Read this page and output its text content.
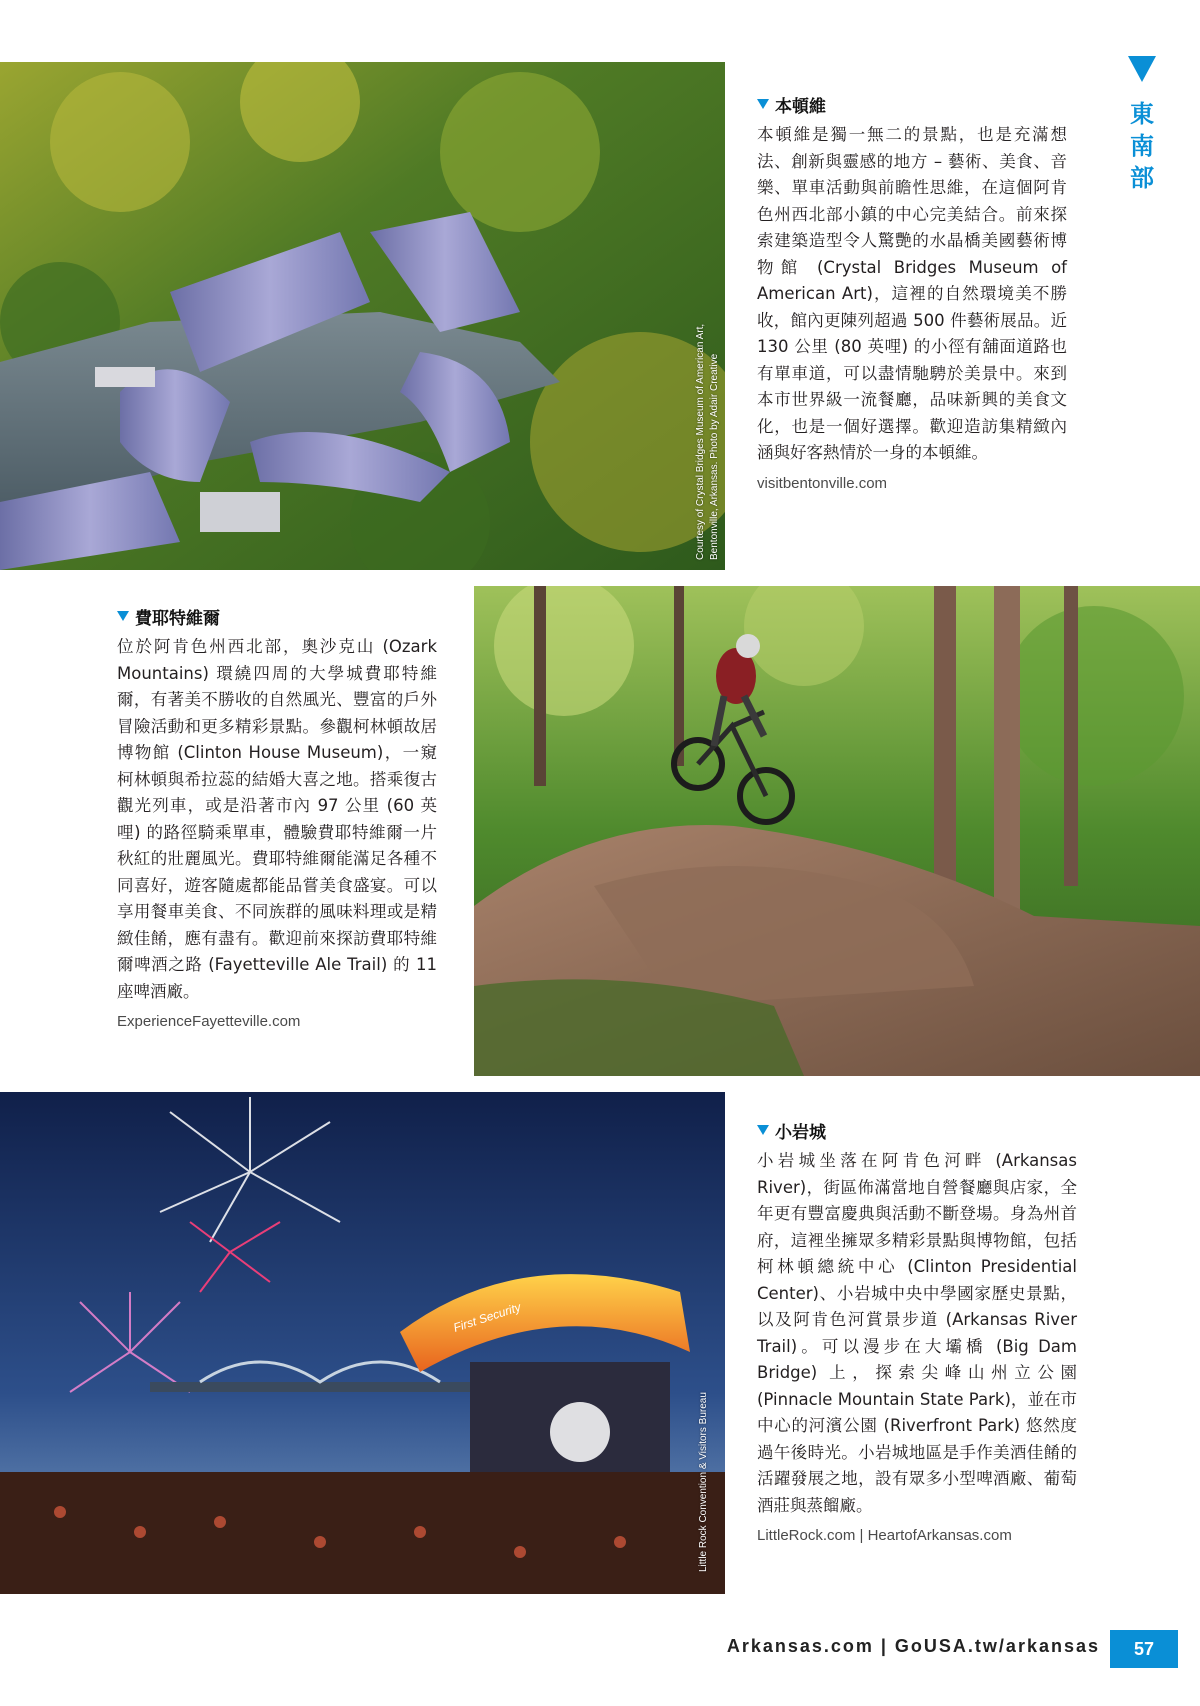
東南部
Courtesy of Crystal Bridges Museum of American Art,
Bentonville, Arkansas. Photo by Adair Creative
本頓維

本頓維是獨一無二的景點，也是充滿想法、創新與靈感的地方 – 藝術、美食、音樂、單車活動與前瞻性思維，在這個阿肯色州西北部小鎮的中心完美結合。前來探索建築造型令人驚艷的水晶橋美國藝術博物館 (Crystal Bridges Museum of American Art)，這裡的自然環境美不勝收，館內更陳列超過 500 件藝術展品。近 130 公里 (80 英哩) 的小徑有舖面道路也有單車道，可以盡情馳騁於美景中。來到本市世界級一流餐廳，品味新興的美食文化，也是一個好選擇。歡迎造訪集精緻內涵與好客熱情於一身的本頓維。

visitbentonville.com
費耶特維爾

位於阿肯色州西北部，奧沙克山 (Ozark Mountains) 環繞四周的大學城費耶特維爾，有著美不勝收的自然風光、豐富的戶外冒險活動和更多精彩景點。參觀柯林頓故居博物館 (Clinton House Museum)，一窺柯林頓與希拉蕊的結婚大喜之地。搭乘復古觀光列車，或是沿著市內 97 公里 (60 英哩) 的路徑騎乘單車，體驗費耶特維爾一片秋紅的壯麗風光。費耶特維爾能滿足各種不同喜好，遊客隨處都能品嘗美食盛宴。可以享用餐車美食、不同族群的風味料理或是精緻佳餚，應有盡有。歡迎前來探訪費耶特維爾啤酒之路 (Fayetteville Ale Trail) 的 11 座啤酒廠。

ExperienceFayetteville.com
First Security
Little Rock Convention & Visitors Bureau
小岩城

小岩城坐落在阿肯色河畔 (Arkansas River)，街區佈滿當地自營餐廳與店家，全年更有豐富慶典與活動不斷登場。身為州首府，這裡坐擁眾多精彩景點與博物館，包括柯林頓總統中心 (Clinton Presidential Center)、小岩城中央中學國家歷史景點，以及阿肯色河賞景步道 (Arkansas River Trail)。可以漫步在大壩橋 (Big Dam Bridge) 上，探索尖峰山州立公園 (Pinnacle Mountain State Park)，並在市中心的河濱公園 (Riverfront Park) 悠然度過午後時光。小岩城地區是手作美酒佳餚的活躍發展之地，設有眾多小型啤酒廠、葡萄酒莊與蒸餾廠。

LittleRock.com | HeartofArkansas.com
Arkansas.com | GoUSA.tw/arkansas	57
